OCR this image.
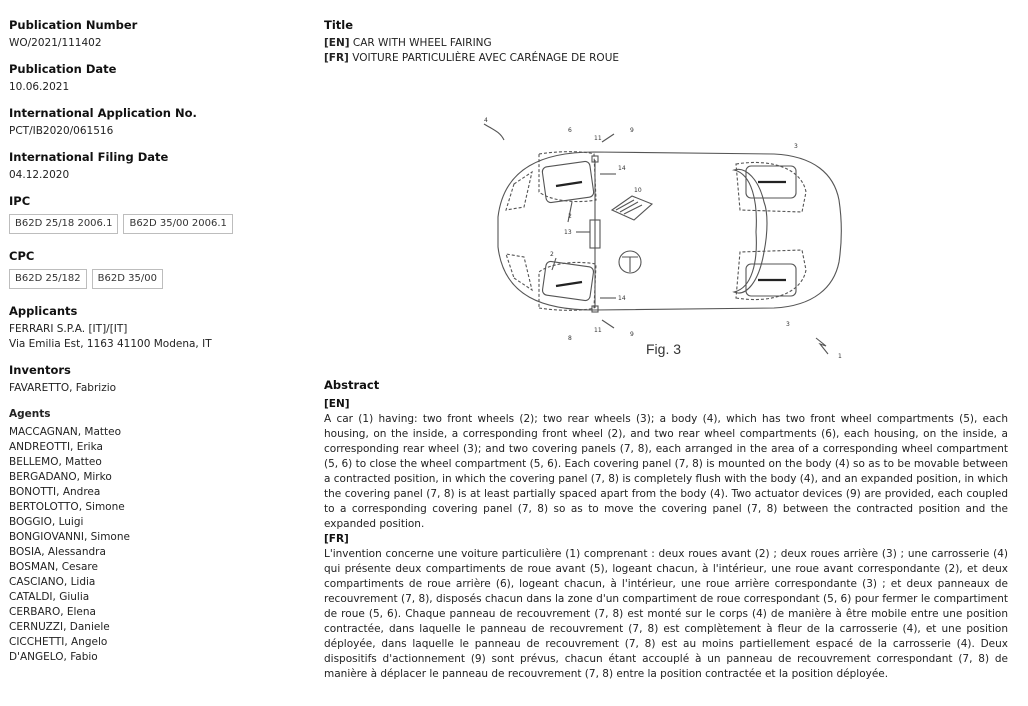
Publication Number
WO/2021/111402
Publication Date
10.06.2021
International Application No.
PCT/IB2020/061516
International Filing Date
04.12.2020
IPC
B62D 25/18 2006.1	B62D 35/00 2006.1
CPC
B62D 25/182	B62D 35/00
Applicants
FERRARI S.P.A. [IT]/[IT]
Via Emilia Est, 1163 41100 Modena, IT
Inventors
FAVARETTO, Fabrizio
Agents
MACCAGNAN, Matteo
ANDREOTTI, Erika
BELLEMO, Matteo
BERGADANO, Mirko
BONOTTI, Andrea
BERTOLOTTO, Simone
BOGGIO, Luigi
BONGIOVANNI, Simone
BOSIA, Alessandra
BOSMAN, Cesare
CASCIANO, Lidia
CATALDI, Giulia
CERBARO, Elena
CERNUZZI, Daniele
CICCHETTI, Angelo
D'ANGELO, Fabio
Title
[EN] CAR WITH WHEEL FAIRING
[FR] VOITURE PARTICULIÈRE AVEC CARÉNAGE DE ROUE
4
6
11
9
3
14
10
2
13
2
14
8
11
9
3
1
Fig. 3
Abstract
[EN]

A car (1) having: two front wheels (2); two rear wheels (3); a body (4), which has two front wheel compartments (5), each housing, on the inside, a corresponding front wheel (2), and two rear wheel compartments (6), each housing, on the inside, a corresponding rear wheel (3); and two covering panels (7, 8), each arranged in the area of a corresponding wheel compartment (5, 6) to close the wheel compartment (5, 6). Each covering panel (7, 8) is mounted on the body (4) so as to be movable between a contracted position, in which the covering panel (7, 8) is completely flush with the body (4), and an expanded position, in which the covering panel (7, 8) is at least partially spaced apart from the body (4). Two actuator devices (9) are provided, each coupled to a corresponding covering panel (7, 8) so as to move the covering panel (7, 8) between the contracted position and the expanded position.

[FR]

L'invention concerne une voiture particulière (1) comprenant : deux roues avant (2) ; deux roues arrière (3) ; une carrosserie (4) qui présente deux compartiments de roue avant (5), logeant chacun, à l'intérieur, une roue avant correspondante (2), et deux compartiments de roue arrière (6), logeant chacun, à l'intérieur, une roue arrière correspondante (3) ; et deux panneaux de recouvrement (7, 8), disposés chacun dans la zone d'un compartiment de roue correspondant (5, 6) pour fermer le compartiment de roue (5, 6). Chaque panneau de recouvrement (7, 8) est monté sur le corps (4) de manière à être mobile entre une position contractée, dans laquelle le panneau de recouvrement (7, 8) est complètement à fleur de la carrosserie (4), et une position déployée, dans laquelle le panneau de recouvrement (7, 8) est au moins partiellement espacé de la carrosserie (4). Deux dispositifs d'actionnement (9) sont prévus, chacun étant accouplé à un panneau de recouvrement correspondant (7, 8) de manière à déplacer le panneau de recouvrement (7, 8) entre la position contractée et la position déployée.
